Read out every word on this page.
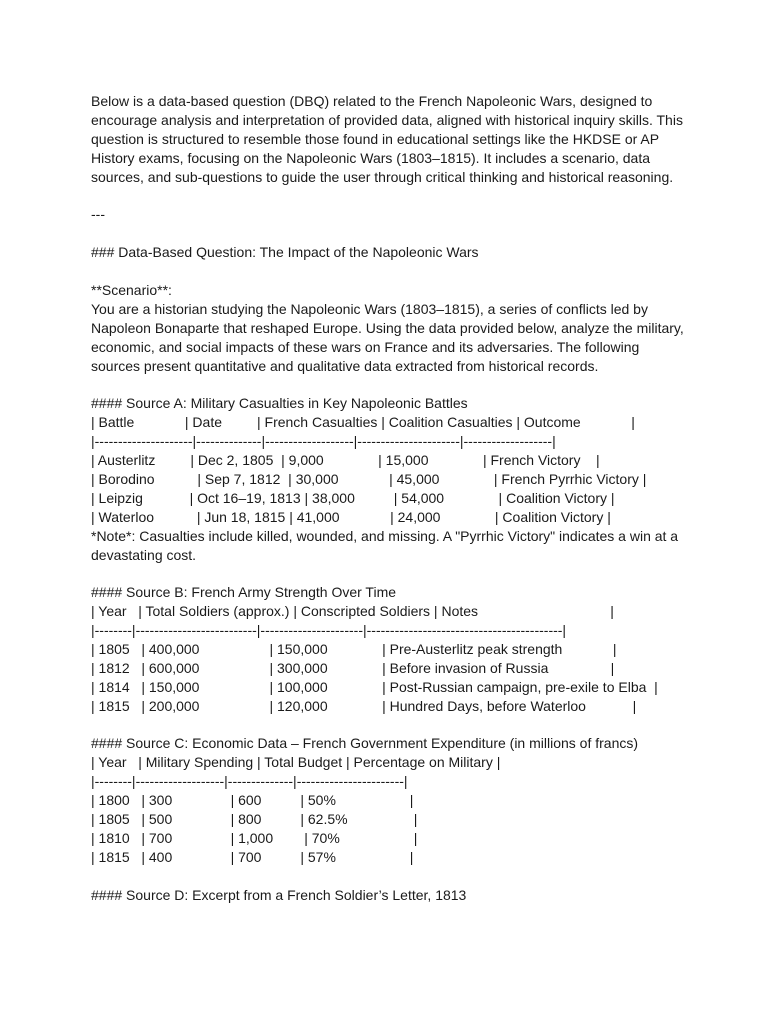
Below is a data-based question (DBQ) related to the French Napoleonic Wars, designed to encourage analysis and interpretation of provided data, aligned with historical inquiry skills. This question is structured to resemble those found in educational settings like the HKDSE or AP History exams, focusing on the Napoleonic Wars (1803–1815). It includes a scenario, data sources, and sub-questions to guide the user through critical thinking and historical reasoning.
---
### Data-Based Question: The Impact of the Napoleonic Wars
**Scenario**:
You are a historian studying the Napoleonic Wars (1803–1815), a series of conflicts led by Napoleon Bonaparte that reshaped Europe. Using the data provided below, analyze the military, economic, and social impacts of these wars on France and its adversaries. The following sources present quantitative and qualitative data extracted from historical records.
#### Source A: Military Casualties in Key Napoleonic Battles
| Battle             | Date         | French Casualties | Coalition Casualties | Outcome             |
|---------------------|--------------|-------------------|----------------------|-------------------|
| Austerlitz         | Dec 2, 1805  | 9,000              | 15,000              | French Victory    |
| Borodino           | Sep 7, 1812  | 30,000             | 45,000              | French Pyrrhic Victory |
| Leipzig            | Oct 16–19, 1813 | 38,000          | 54,000              | Coalition Victory |
| Waterloo           | Jun 18, 1815 | 41,000             | 24,000              | Coalition Victory |
*Note*: Casualties include killed, wounded, and missing. A "Pyrrhic Victory" indicates a win at a devastating cost.
#### Source B: French Army Strength Over Time
| Year   | Total Soldiers (approx.) | Conscripted Soldiers | Notes                                  |
|--------|--------------------------|----------------------|------------------------------------------|
| 1805   | 400,000                  | 150,000              | Pre-Austerlitz peak strength             |
| 1812   | 600,000                  | 300,000              | Before invasion of Russia                |
| 1814   | 150,000                  | 100,000              | Post-Russian campaign, pre-exile to Elba  |
| 1815   | 200,000                  | 120,000              | Hundred Days, before Waterloo            |
#### Source C: Economic Data – French Government Expenditure (in millions of francs)
| Year   | Military Spending | Total Budget | Percentage on Military |
|--------|-------------------|--------------|-----------------------|
| 1800   | 300               | 600          | 50%                   |
| 1805   | 500               | 800          | 62.5%                 |
| 1810   | 700               | 1,000        | 70%                   |
| 1815   | 400               | 700          | 57%                   |
#### Source D: Excerpt from a French Soldier’s Letter, 1813
